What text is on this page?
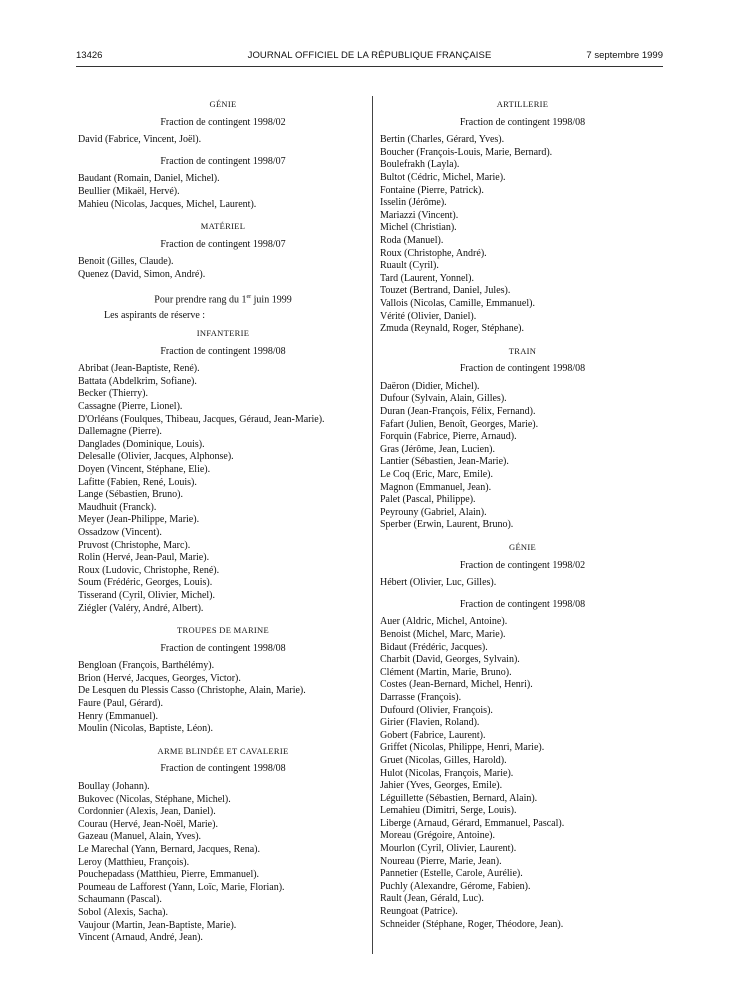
13426	JOURNAL OFFICIEL DE LA RÉPUBLIQUE FRANÇAISE	7 septembre 1999
GÉNIE
Fraction de contingent 1998/02
David (Fabrice, Vincent, Joël).
Fraction de contingent 1998/07
Baudant (Romain, Daniel, Michel).
Beullier (Mikaël, Hervé).
Mahieu (Nicolas, Jacques, Michel, Laurent).
MATÉRIEL
Fraction de contingent 1998/07
Benoit (Gilles, Claude).
Quenez (David, Simon, André).
Pour prendre rang du 1er juin 1999
Les aspirants de réserve :
INFANTERIE
Fraction de contingent 1998/08
Abribat (Jean-Baptiste, René).
Battata (Abdelkrim, Sofiane).
Becker (Thierry).
Cassagne (Pierre, Lionel).
D'Orléans (Foulques, Thibeau, Jacques, Géraud, Jean-Marie).
Dallemagne (Pierre).
Danglades (Dominique, Louis).
Delesalle (Olivier, Jacques, Alphonse).
Doyen (Vincent, Stéphane, Elie).
Lafitte (Fabien, René, Louis).
Lange (Sébastien, Bruno).
Maudhuit (Franck).
Meyer (Jean-Philippe, Marie).
Ossadzow (Vincent).
Pruvost (Christophe, Marc).
Rolin (Hervé, Jean-Paul, Marie).
Roux (Ludovic, Christophe, René).
Soum (Frédéric, Georges, Louis).
Tisserand (Cyril, Olivier, Michel).
Ziégler (Valéry, André, Albert).
TROUPES DE MARINE
Fraction de contingent 1998/08
Bengloan (François, Barthélémy).
Brion (Hervé, Jacques, Georges, Victor).
De Lesquen du Plessis Casso (Christophe, Alain, Marie).
Faure (Paul, Gérard).
Henry (Emmanuel).
Moulin (Nicolas, Baptiste, Léon).
ARME BLINDÉE ET CAVALERIE
Fraction de contingent 1998/08
Boullay (Johann).
Bukovec (Nicolas, Stéphane, Michel).
Cordonnier (Alexis, Jean, Daniel).
Courau (Hervé, Jean-Noël, Marie).
Gazeau (Manuel, Alain, Yves).
Le Marechal (Yann, Bernard, Jacques, Rena).
Leroy (Matthieu, François).
Pouchepadass (Matthieu, Pierre, Emmanuel).
Poumeau de Lafforest (Yann, Loïc, Marie, Florian).
Schaumann (Pascal).
Sobol (Alexis, Sacha).
Vaujour (Martin, Jean-Baptiste, Marie).
Vincent (Arnaud, André, Jean).
ARTILLERIE
Fraction de contingent 1998/08
Bertin (Charles, Gérard, Yves).
Boucher (François-Louis, Marie, Bernard).
Boulefrakh (Layla).
Bultot (Cédric, Michel, Marie).
Fontaine (Pierre, Patrick).
Isselin (Jérôme).
Mariazzi (Vincent).
Michel (Christian).
Roda (Manuel).
Roux (Christophe, André).
Ruault (Cyril).
Tard (Laurent, Yonnel).
Touzet (Bertrand, Daniel, Jules).
Vallois (Nicolas, Camille, Emmanuel).
Vérité (Olivier, Daniel).
Zmuda (Reynald, Roger, Stéphane).
TRAIN
Fraction de contingent 1998/08
Daëron (Didier, Michel).
Dufour (Sylvain, Alain, Gilles).
Duran (Jean-François, Félix, Fernand).
Fafart (Julien, Benoît, Georges, Marie).
Forquin (Fabrice, Pierre, Arnaud).
Gras (Jérôme, Jean, Lucien).
Lantier (Sébastien, Jean-Marie).
Le Coq (Eric, Marc, Emile).
Magnon (Emmanuel, Jean).
Palet (Pascal, Philippe).
Peyrouny (Gabriel, Alain).
Sperber (Erwin, Laurent, Bruno).
GÉNIE
Fraction de contingent 1998/02
Hébert (Olivier, Luc, Gilles).
Fraction de contingent 1998/08
Auer (Aldric, Michel, Antoine).
Benoist (Michel, Marc, Marie).
Bidaut (Frédéric, Jacques).
Charbit (David, Georges, Sylvain).
Clément (Martin, Marie, Bruno).
Costes (Jean-Bernard, Michel, Henri).
Darrasse (François).
Dufourd (Olivier, François).
Girier (Flavien, Roland).
Gobert (Fabrice, Laurent).
Griffet (Nicolas, Philippe, Henri, Marie).
Gruet (Nicolas, Gilles, Harold).
Hulot (Nicolas, François, Marie).
Jahier (Yves, Georges, Emile).
Léguillette (Sébastien, Bernard, Alain).
Lemahieu (Dimitri, Serge, Louis).
Liberge (Arnaud, Gérard, Emmanuel, Pascal).
Moreau (Grégoire, Antoine).
Mourlon (Cyril, Olivier, Laurent).
Noureau (Pierre, Marie, Jean).
Pannetier (Estelle, Carole, Aurélie).
Puchly (Alexandre, Gérome, Fabien).
Rault (Jean, Gérald, Luc).
Reungoat (Patrice).
Schneider (Stéphane, Roger, Théodore, Jean).
